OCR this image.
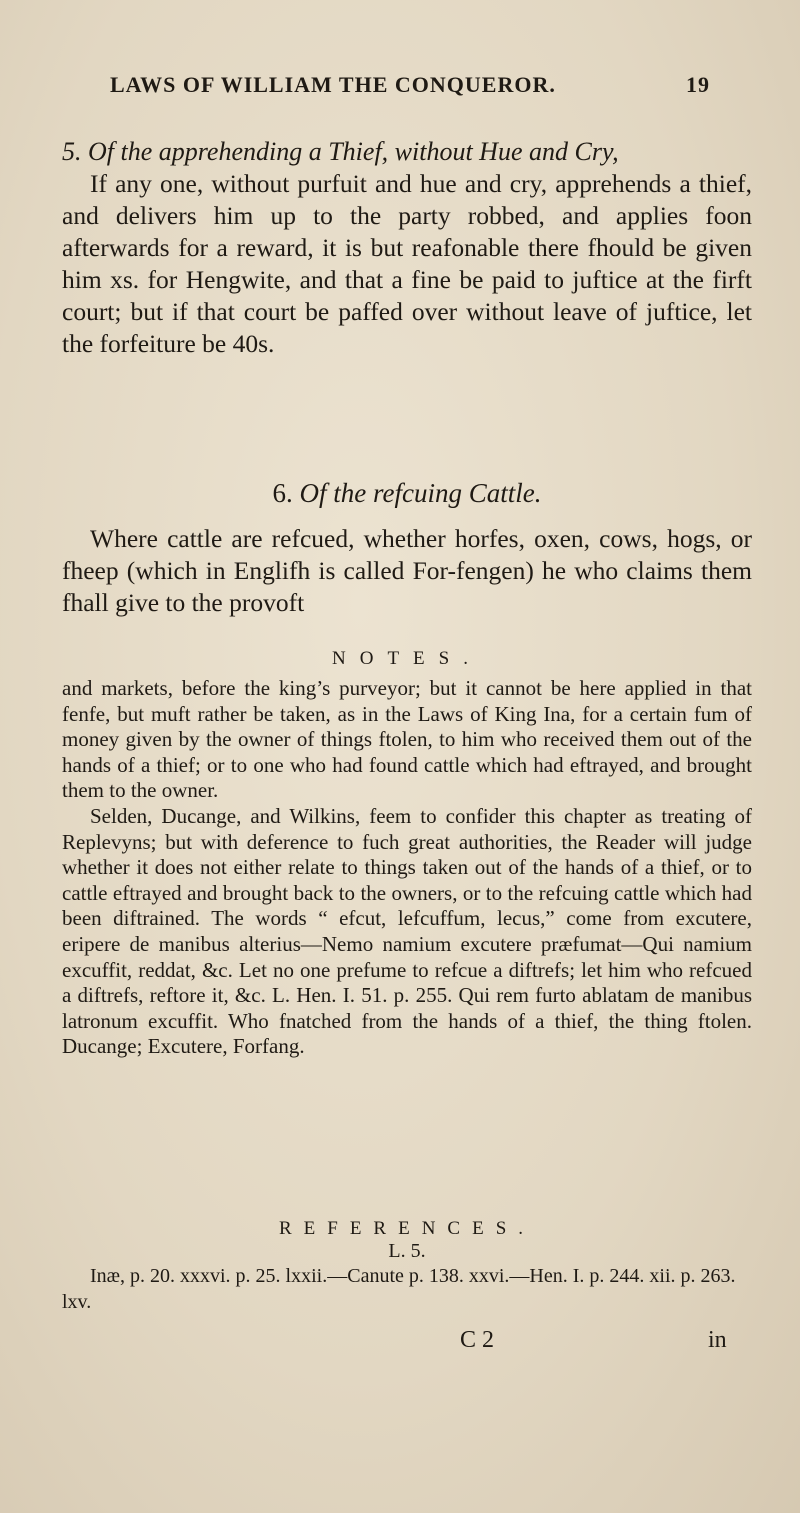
LAWS OF WILLIAM THE CONQUEROR.	19
5. Of the apprehending a Thief, without Hue and Cry,
If any one, without purfuit and hue and cry, apprehends a thief, and delivers him up to the party robbed, and applies foon afterwards for a reward, it is but reafonable there fhould be given him xs. for Hengwite, and that a fine be paid to juftice at the firft court; but if that court be paffed over without leave of juftice, let the forfeiture be 40s.
6. Of the refcuing Cattle.
Where cattle are refcued, whether horfes, oxen, cows, hogs, or fheep (which in Englifh is called For-fengen) he who claims them fhall give to the provoft
NOTES.
and markets, before the king’s purveyor; but it cannot be here applied in that fenfe, but muft rather be taken, as in the Laws of King Ina, for a certain fum of money given by the owner of things ftolen, to him who received them out of the hands of a thief; or to one who had found cattle which had eftrayed, and brought them to the owner.
Selden, Ducange, and Wilkins, feem to confider this chapter as treating of Replevyns; but with deference to fuch great authorities, the Reader will judge whether it does not either relate to things taken out of the hands of a thief, or to cattle eftrayed and brought back to the owners, or to the refcuing cattle which had been diftrained. The words “ efcut, lefcuffum, lecus,” come from excutere, eripere de manibus alterius—Nemo namium excutere præfumat—Qui namium excuffit, reddat, &c. Let no one prefume to refcue a diftrefs; let him who refcued a diftrefs, reftore it, &c. L. Hen. I. 51. p. 255. Qui rem furto ablatam de manibus latronum excuffit. Who fnatched from the hands of a thief, the thing ftolen. Ducange; Excutere, Forfang.
REFERENCES.
L. 5.
Inæ, p. 20. xxxvi. p. 25. lxxii.—Canute p. 138. xxvi.—Hen. I. p. 244. xii. p. 263. lxv.
C 2	in
